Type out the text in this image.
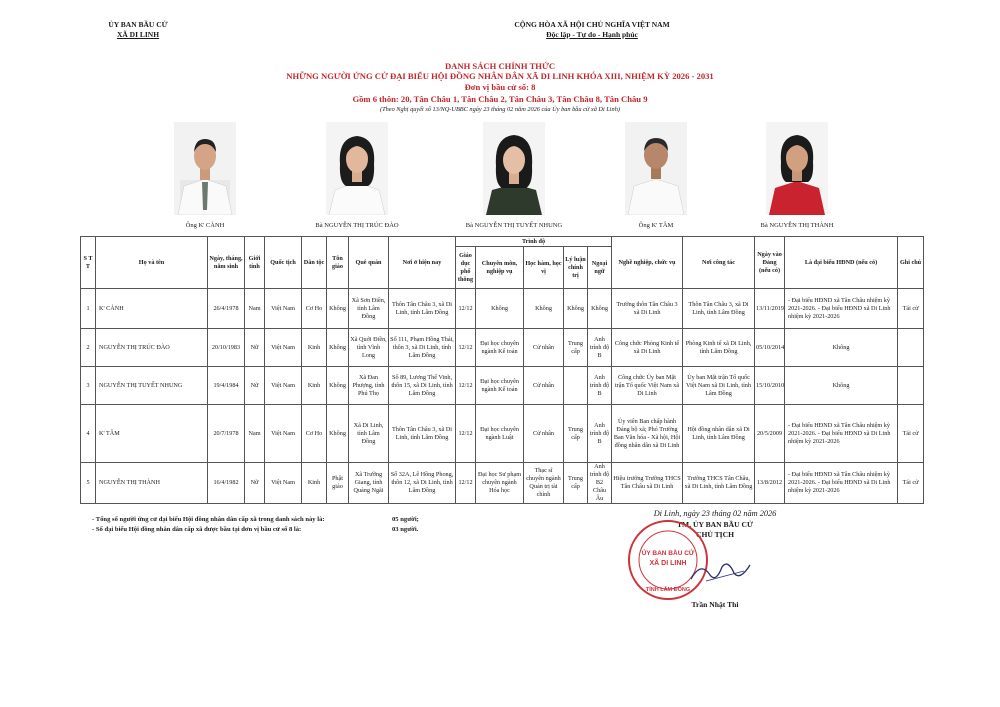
ỦY BAN BẦU CỬ
XÃ DI LINH
CỘNG HÒA XÃ HỘI CHỦ NGHĨA VIỆT NAM
Độc lập - Tự do - Hạnh phúc
DANH SÁCH CHÍNH THỨC
NHỮNG NGƯỜI ỨNG CỬ ĐẠI BIỂU HỘI ĐỒNG NHÂN DÂN XÃ DI LINH KHÓA XIII, NHIỆM KỲ 2026 - 2031
Đơn vị bầu cử số: 8
Gồm 6 thôn: 20, Tân Châu 1, Tân Châu 2, Tân Châu 3, Tân Châu 8, Tân Châu 9
(Theo Nghị quyết số 13/NQ-UBBC ngày 23 tháng 02 năm 2026 của Ủy ban bầu cử xã Di Linh)
Ông K' CẢNH	Bà NGUYỄN THỊ TRÚC ĐÀO	Bà NGUYỄN THỊ TUYẾT NHUNG	Ông K' TÂM	Bà NGUYỄN THỊ THÀNH
S T T	Họ và tên	Ngày, tháng, năm sinh	Giới tính	Quốc tịch	Dân tộc	Tôn giáo	Quê quán	Nơi ở hiện nay	Trình độ					Nghề nghiệp, chức vụ	Nơi công tác	Ngày vào Đảng (nếu có)	Là đại biểu HĐND (nếu có)	Ghi chú
									Giáo dục phổ thông	Chuyên môn, nghiệp vụ	Học hàm, học vị	Lý luận chính trị	Ngoại ngữ					
1	K' CẢNH	26/4/1978	Nam	Việt Nam	Cơ Ho	Không	Xã Sơn Điền, tỉnh Lâm Đồng	Thôn Tân Châu 3, xã Di Linh, tỉnh Lâm Đồng	12/12	Không	Không	Không	Không	Trưởng thôn Tân Châu 3 xã Di Linh	Thôn Tân Châu 3, xã Di Linh, tỉnh Lâm Đồng	13/11/2019	- Đại biểu HĐND xã Tân Châu nhiệm kỳ 2021-2026. - Đại biểu HĐND xã Di Linh nhiệm kỳ 2021-2026	Tái cử
2	NGUYỄN THỊ TRÚC ĐÀO	20/10/1983	Nữ	Việt Nam	Kinh	Không	Xã Quới Điền, tỉnh Vĩnh Long	Số 111, Phạm Hồng Thái, thôn 3, xã Di Linh, tỉnh Lâm Đồng	12/12	Đại học chuyên ngành Kế toán	Cử nhân	Trung cấp	Anh trình độ B	Công chức Phòng Kinh tế xã Di Linh	Phòng Kinh tế xã Di Linh, tỉnh Lâm Đồng	05/10/2014	Không	
3	NGUYỄN THỊ TUYẾT NHUNG	19/4/1984	Nữ	Việt Nam	Kinh	Không	Xã Đan Phượng, tỉnh Phú Thọ	Số 89, Lương Thế Vinh, thôn 15, xã Di Linh, tỉnh Lâm Đồng	12/12	Đại học chuyên ngành Kế toán	Cử nhân		Anh trình độ B	Công chức Ủy ban Mặt trận Tổ quốc Việt Nam xã Di Linh	Ủy ban Mặt trận Tổ quốc Việt Nam xã Di Linh, tỉnh Lâm Đồng	15/10/2010	Không	
4	K' TÂM	20/7/1978	Nam	Việt Nam	Cơ Ho	Không	Xã Di Linh, tỉnh Lâm Đồng	Thôn Tân Châu 3, xã Di Linh, tỉnh Lâm Đồng	12/12	Đại học chuyên ngành Luật	Cử nhân	Trung cấp	Anh trình độ B	Ủy viên Ban chấp hành Đảng bộ xã; Phó Trưởng Ban Văn hóa - Xã hội, Hội đồng nhân dân xã Di Linh	Hội đồng nhân dân xã Di Linh, tỉnh Lâm Đồng	20/5/2009	- Đại biểu HĐND xã Tân Châu nhiệm kỳ 2021-2026. - Đại biểu HĐND xã Di Linh nhiệm kỳ 2021-2026	Tái cử
5	NGUYỄN THỊ THÀNH	16/4/1982	Nữ	Việt Nam	Kinh	Phật giáo	Xã Trường Giang, tỉnh Quảng Ngãi	Số 32A, Lê Hồng Phong, thôn 12, xã Di Linh, tỉnh Lâm Đồng	12/12	Đại học Sư phạm chuyên ngành Hóa học	Thạc sĩ chuyên ngành Quản trị tài chính	Trung cấp	Anh trình độ B2 Châu Âu	Hiệu trưởng Trường THCS Tân Châu xã Di Linh	Trường THCS Tân Châu, xã Di Linh, tỉnh Lâm Đồng	13/8/2012	- Đại biểu HĐND xã Tân Châu nhiệm kỳ 2021-2026. - Đại biểu HĐND xã Di Linh nhiệm kỳ 2021-2026	Tái cử
- Tổng số người ứng cử đại biểu Hội đồng nhân dân cấp xã trong danh sách này là:
- Số đại biểu Hội đồng nhân dân cấp xã được bầu tại đơn vị bầu cử số 8 là:
05 người;
03 người.
Di Linh, ngày 23 tháng 02 năm 2026
TM. ỦY BAN BẦU CỬ
CHỦ TỊCH
ỦY BAN BẦU CỬ
XÃ DI LINH
TỈNH LÂM ĐỒNG
Trần Nhật Thi
